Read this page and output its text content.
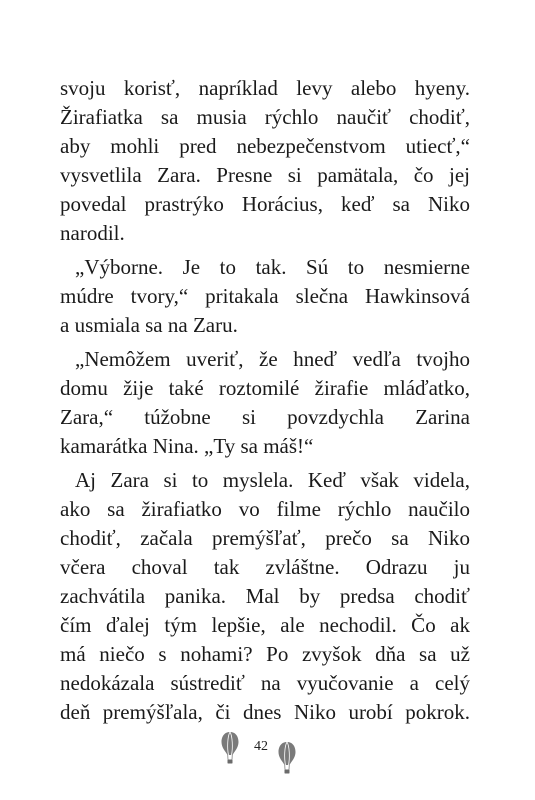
svoju korisť, napríklad levy alebo hyeny.
Žirafiatka sa musia rýchlo naučiť chodiť,
aby mohli pred nebezpečenstvom utiecť,“
vysvetlila Zara. Presne si pamätala, čo jej
povedal prastrýko Horácius, keď sa Niko
narodil.

„Výborne. Je to tak. Sú to nesmierne
múdre tvory,“ pritakala slečna Hawkinsová
a usmiala sa na Zaru.

„Nemôžem uveriť, že hneď vedľa tvojho
domu žije také roztomilé žirafie mláďatko,
Zara,“ túžobne si povzdychla Zarina
kamarátka Nina. „Ty sa máš!“

Aj Zara si to myslela. Keď však videla,
ako sa žirafiatko vo filme rýchlo naučilo
chodiť, začala premýšľať, prečo sa Niko
včera choval tak zvláštne. Odrazu ju
zachvátila panika. Mal by predsa chodiť
čím ďalej tým lepšie, ale nechodil. Čo ak
má niečo s nohami? Po zvyšok dňa sa už
nedokázala sústrediť na vyučovanie a celý
deň premýšľala, či dnes Niko urobí pokrok.

42
